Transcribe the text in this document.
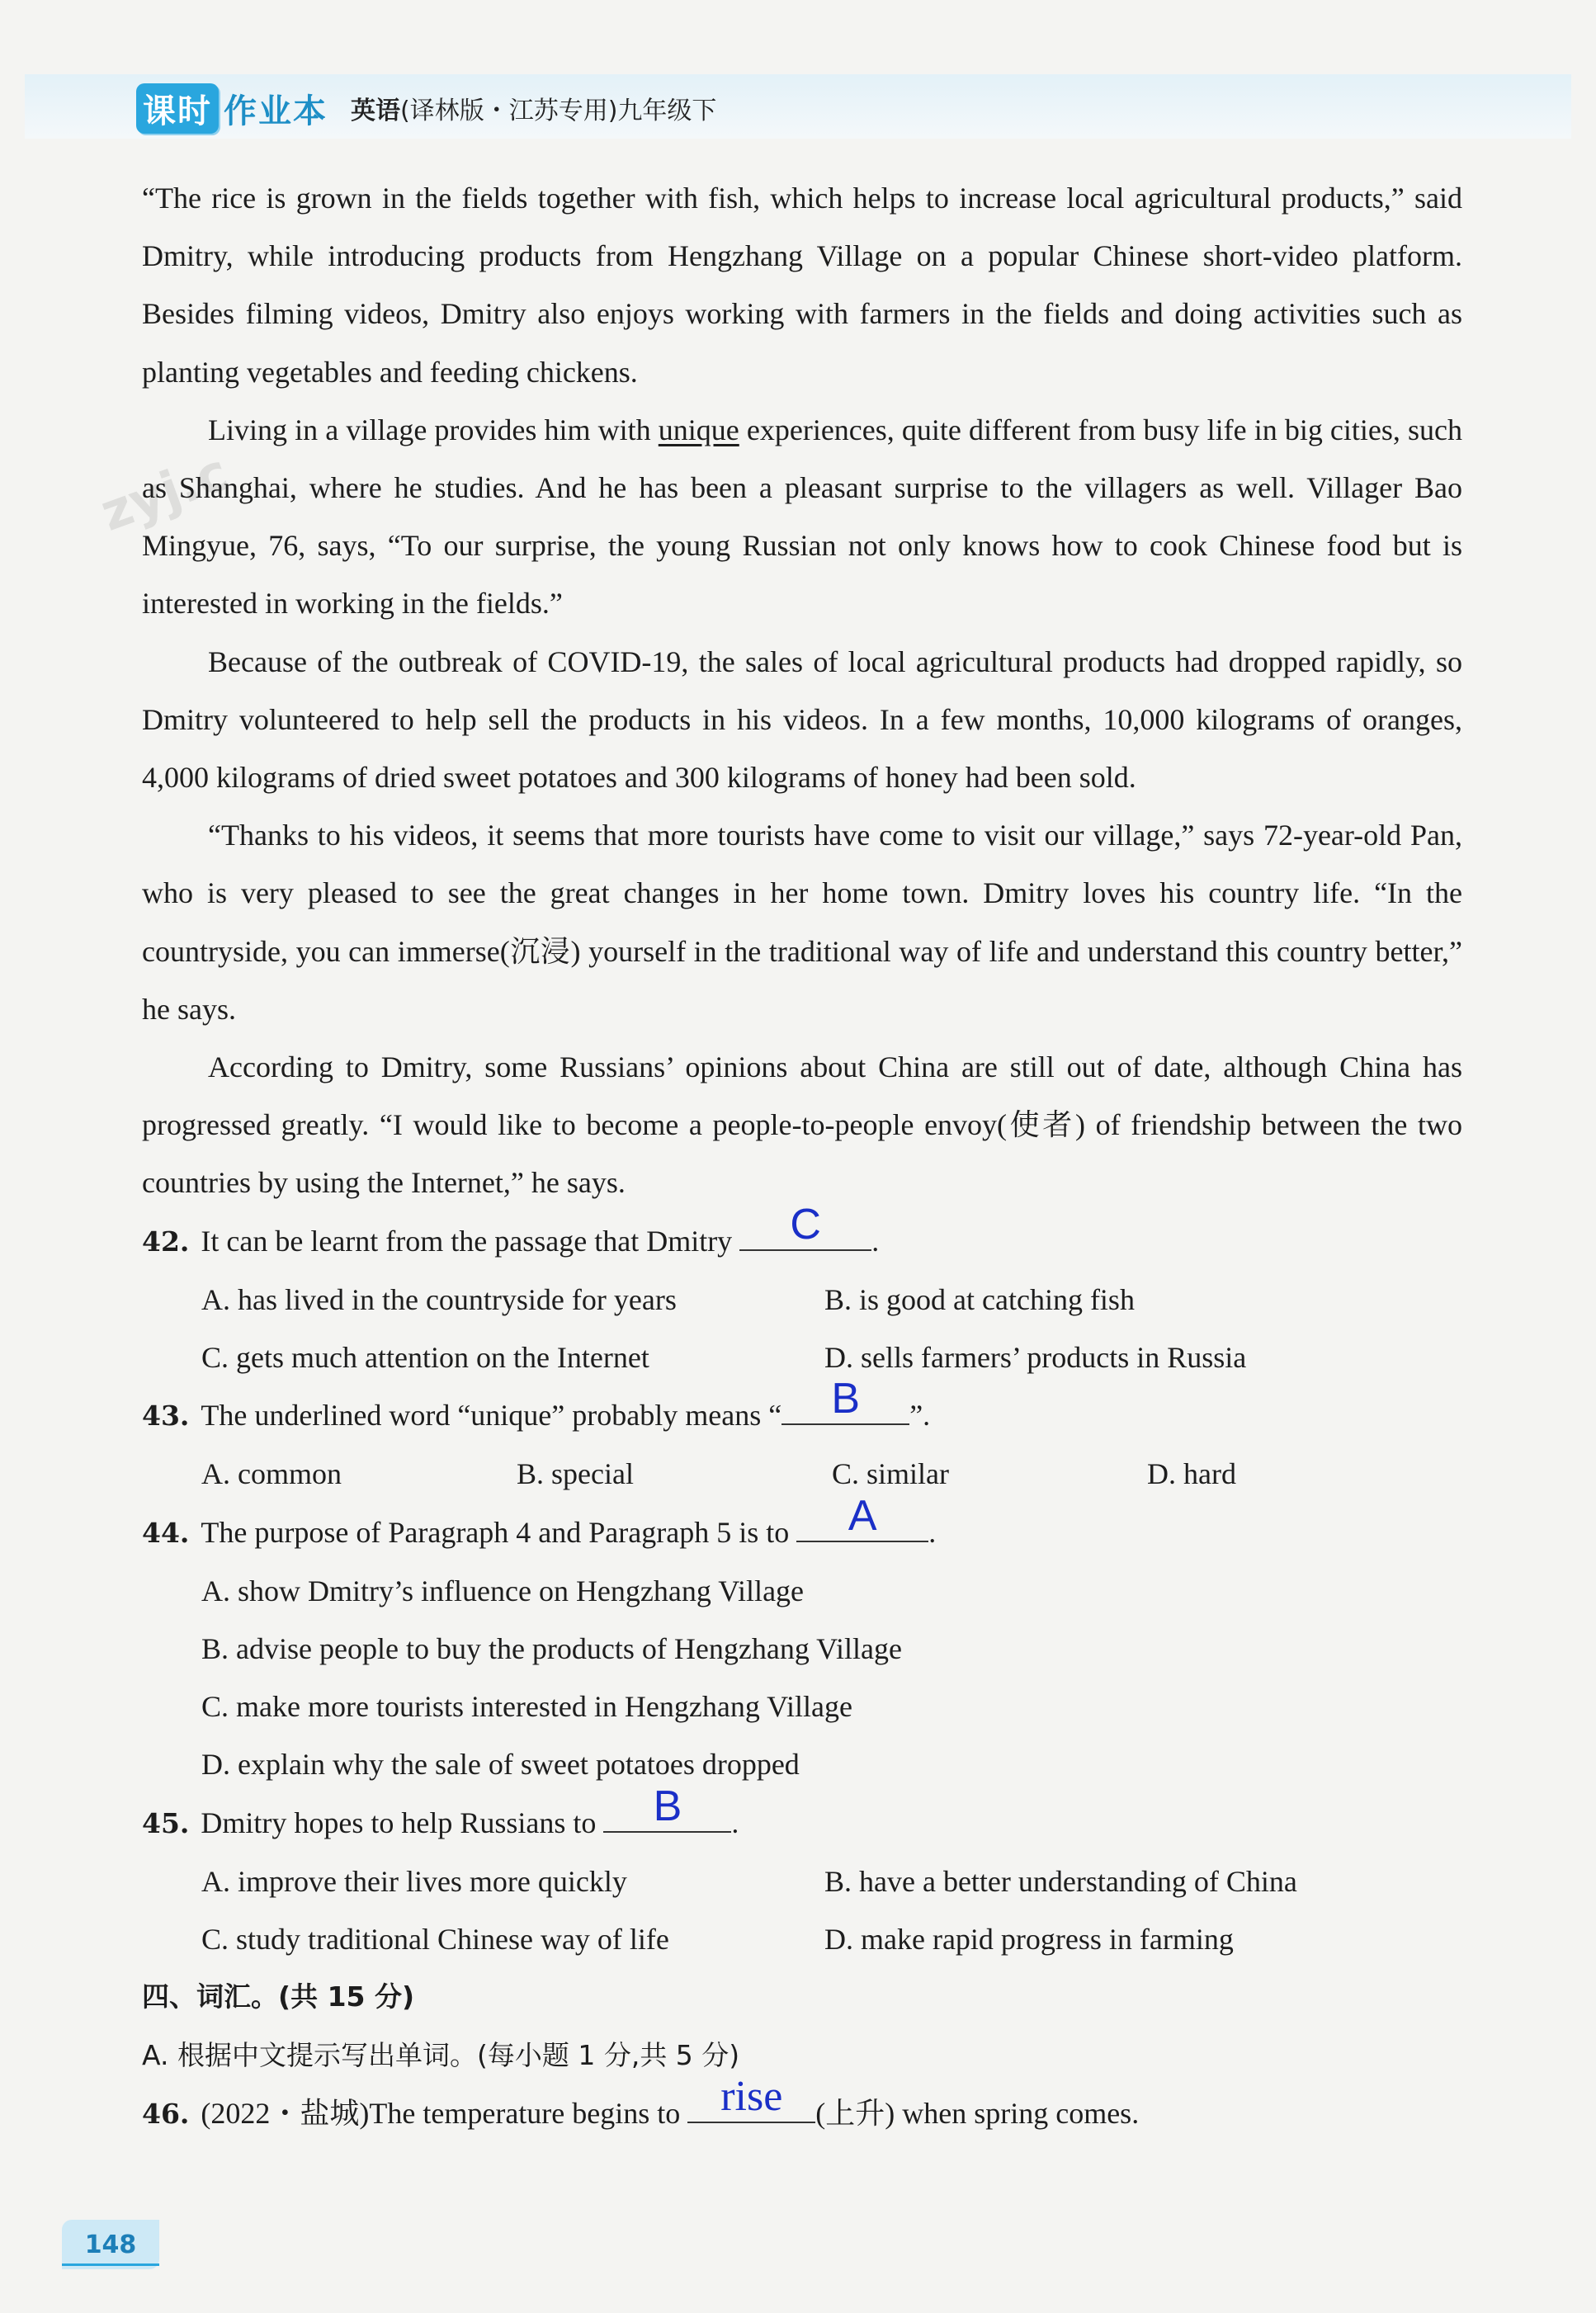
课时 作业本 英语(译林版・江苏专用)九年级下
zyj.c

“The rice is grown in the fields together with fish, which helps to increase local agricultural products,” said Dmitry, while introducing products from Hengzhang Village on a popular Chinese short-video platform. Besides filming videos, Dmitry also enjoys working with farmers in the fields and doing activities such as planting vegetables and feeding chickens.

Living in a village provides him with unique experiences, quite different from busy life in big cities, such as Shanghai, where he studies. And he has been a pleasant surprise to the villagers as well. Villager Bao Mingyue, 76, says, “To our surprise, the young Russian not only knows how to cook Chinese food but is interested in working in the fields.”

Because of the outbreak of COVID-19, the sales of local agricultural products had dropped rapidly, so Dmitry volunteered to help sell the products in his videos. In a few months, 10,000 kilograms of oranges, 4,000 kilograms of dried sweet potatoes and 300 kilograms of honey had been sold.

“Thanks to his videos, it seems that more tourists have come to visit our village,” says 72-year-old Pan, who is very pleased to see the great changes in her home town. Dmitry loves his country life. “In the countryside, you can immerse(沉浸) yourself in the traditional way of life and understand this country better,” he says.

According to Dmitry, some Russians’ opinions about China are still out of date, although China has progressed greatly. “I would like to become a people-to-people envoy(使者) of friendship between the two countries by using the Internet,” he says.

42. It can be learnt from the passage that Dmitry	C	.

A. has lived in the countryside for years	B. is good at catching fish
C. gets much attention on the Internet	D. sells farmers’ products in Russia

43. The underlined word “unique” probably means “	B	”.

A. common	B. special	C. similar	D. hard

44. The purpose of Paragraph 4 and Paragraph 5 is to	A	.

A. show Dmitry’s influence on Hengzhang Village
B. advise people to buy the products of Hengzhang Village
C. make more tourists interested in Hengzhang Village
D. explain why the sale of sweet potatoes dropped

45. Dmitry hopes to help Russians to	B	.

A. improve their lives more quickly	B. have a better understanding of China
C. study traditional Chinese way of life	D. make rapid progress in farming

四、词汇。(共 15 分)

A. 根据中文提示写出单词。(每小题 1 分,共 5 分)

46. (2022・盐城)The temperature begins to rise	(上升) when spring comes.

148
